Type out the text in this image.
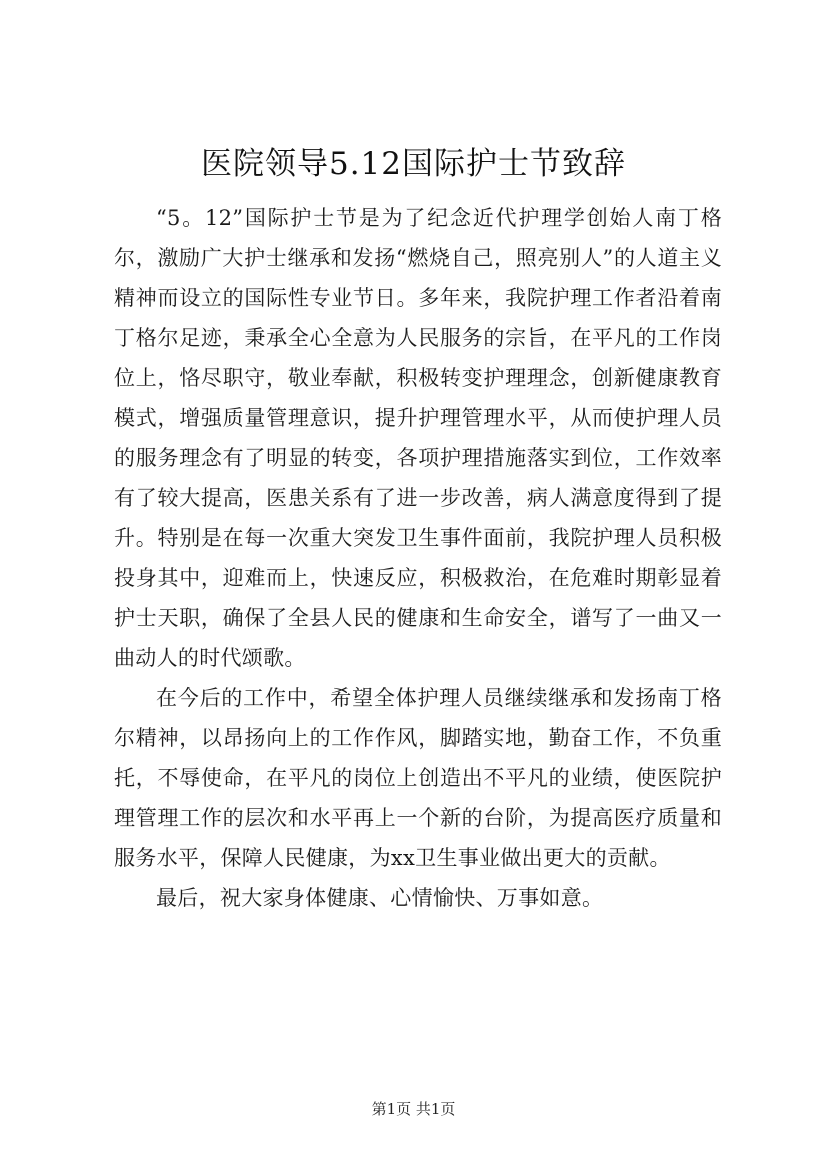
医院领导5.12国际护士节致辞

“5。12”国际护士节是为了纪念近代护理学创始人南丁格尔，激励广大护士继承和发扬“燃烧自己，照亮别人”的人道主义精神而设立的国际性专业节日。多年来，我院护理工作者沿着南丁格尔足迹，秉承全心全意为人民服务的宗旨，在平凡的工作岗位上，恪尽职守，敬业奉献，积极转变护理理念，创新健康教育模式，增强质量管理意识，提升护理管理水平，从而使护理人员的服务理念有了明显的转变，各项护理措施落实到位，工作效率有了较大提高，医患关系有了进一步改善，病人满意度得到了提升。特别是在每一次重大突发卫生事件面前，我院护理人员积极投身其中，迎难而上，快速反应，积极救治，在危难时期彰显着护士天职，确保了全县人民的健康和生命安全，谱写了一曲又一曲动人的时代颂歌。

在今后的工作中，希望全体护理人员继续继承和发扬南丁格尔精神，以昂扬向上的工作作风，脚踏实地，勤奋工作，不负重托，不辱使命，在平凡的岗位上创造出不平凡的业绩，使医院护理管理工作的层次和水平再上一个新的台阶，为提高医疗质量和服务水平，保障人民健康，为xx卫生事业做出更大的贡献。

最后，祝大家身体健康、心情愉快、万事如意。

第1页 共1页
